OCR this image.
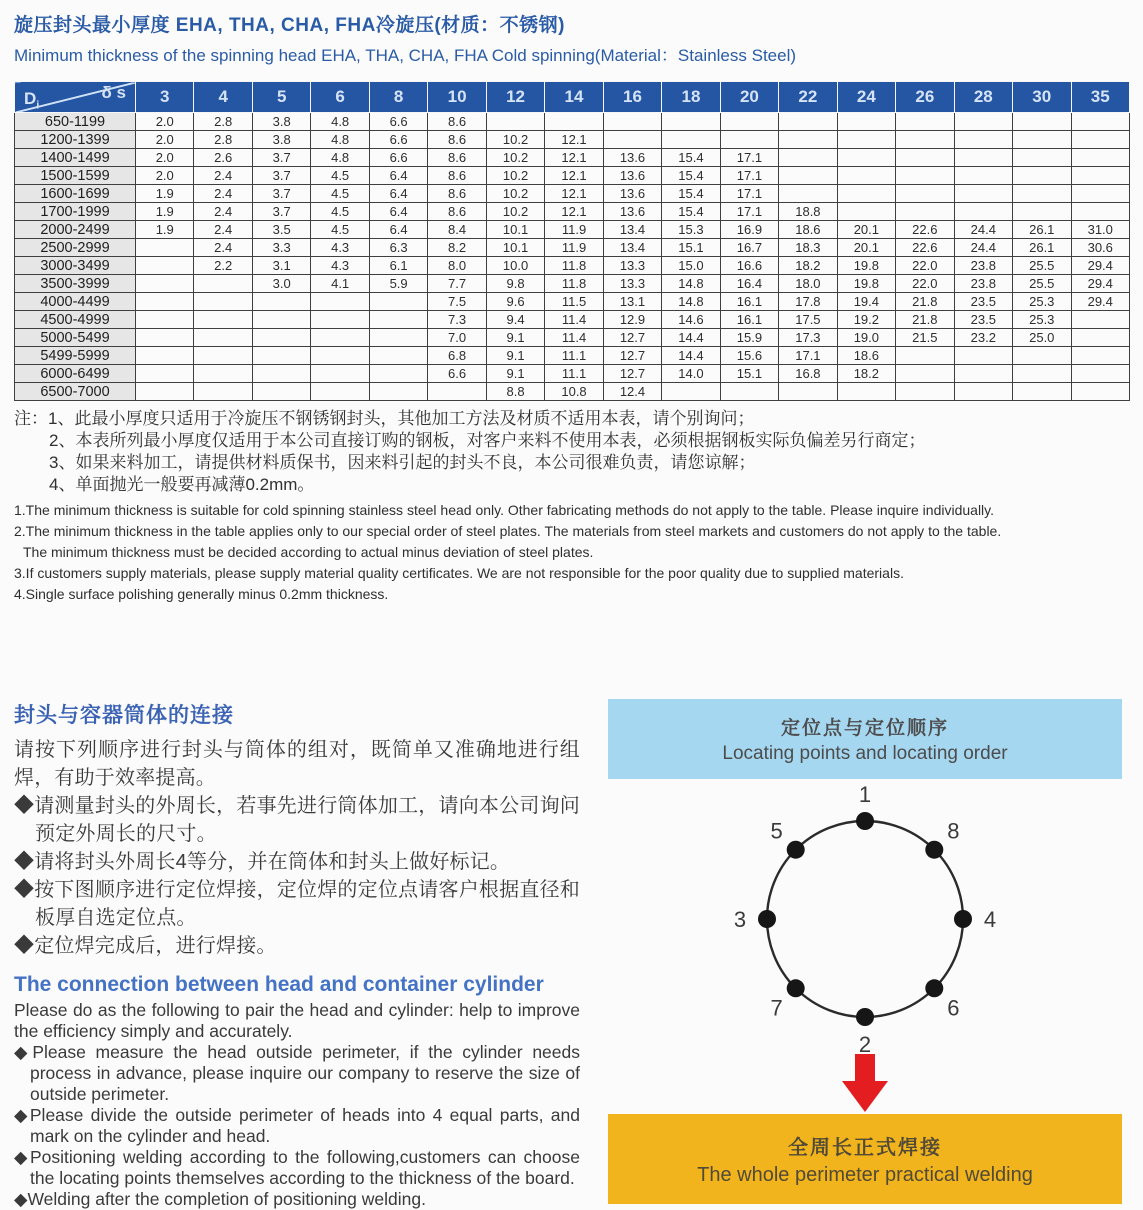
旋压封头最小厚度 EHA, THA, CHA, FHA冷旋压(材质：不锈钢)
Minimum thickness of the spinning head EHA, THA, CHA, FHA Cold spinning(Material：Stainless Steel)
δ s
$D_i$	3	4	5	6	8	10	12	14	16	18	20	22	24	26	28	30	35
650-1199	2.0	2.8	3.8	4.8	6.6	8.6											
1200-1399	2.0	2.8	3.8	4.8	6.6	8.6	10.2	12.1									
1400-1499	2.0	2.6	3.7	4.8	6.6	8.6	10.2	12.1	13.6	15.4	17.1						
1500-1599	2.0	2.4	3.7	4.5	6.4	8.6	10.2	12.1	13.6	15.4	17.1						
1600-1699	1.9	2.4	3.7	4.5	6.4	8.6	10.2	12.1	13.6	15.4	17.1						
1700-1999	1.9	2.4	3.7	4.5	6.4	8.6	10.2	12.1	13.6	15.4	17.1	18.8					
2000-2499	1.9	2.4	3.5	4.5	6.4	8.4	10.1	11.9	13.4	15.3	16.9	18.6	20.1	22.6	24.4	26.1	31.0
2500-2999		2.4	3.3	4.3	6.3	8.2	10.1	11.9	13.4	15.1	16.7	18.3	20.1	22.6	24.4	26.1	30.6
3000-3499		2.2	3.1	4.3	6.1	8.0	10.0	11.8	13.3	15.0	16.6	18.2	19.8	22.0	23.8	25.5	29.4
3500-3999			3.0	4.1	5.9	7.7	9.8	11.8	13.3	14.8	16.4	18.0	19.8	22.0	23.8	25.5	29.4
4000-4499						7.5	9.6	11.5	13.1	14.8	16.1	17.8	19.4	21.8	23.5	25.3	29.4
4500-4999						7.3	9.4	11.4	12.9	14.6	16.1	17.5	19.2	21.8	23.5	25.3	
5000-5499						7.0	9.1	11.4	12.7	14.4	15.9	17.3	19.0	21.5	23.2	25.0	
5499-5999						6.8	9.1	11.1	12.7	14.4	15.6	17.1	18.6				
6000-6499						6.6	9.1	11.1	12.7	14.0	15.1	16.8	18.2				
6500-7000							8.8	10.8	12.4								
注：1、此最小厚度只适用于冷旋压不钢锈钢封头，其他加工方法及材质不适用本表，请个别询问；
2、本表所列最小厚度仅适用于本公司直接订购的钢板，对客户来料不使用本表，必须根据钢板实际负偏差另行商定；
3、如果来料加工，请提供材料质保书，因来料引起的封头不良，本公司很难负责，请您谅解；
4、单面抛光一般要再减薄0.2mm。
1.The minimum thickness is suitable for cold spinning stainless steel head only. Other fabricating methods do not apply to the table. Please inquire individually.
2.The minimum thickness in the table applies only to our special order of steel plates. The materials from steel markets and customers do not apply to the table.
The minimum thickness must be decided according to actual minus deviation of steel plates.
3.If customers supply materials, please supply material quality certificates. We are not responsible for the poor quality due to supplied materials.
4.Single surface polishing generally minus 0.2mm thickness.
封头与容器筒体的连接

请按下列顺序进行封头与筒体的组对，既简单又准确地进行组焊，有助于效率提高。

◆请测量封头的外周长，若事先进行筒体加工，请向本公司询问预定外周长的尺寸。
◆请将封头外周长4等分，并在筒体和封头上做好标记。
◆按下图顺序进行定位焊接，定位焊的定位点请客户根据直径和板厚自选定位点。
◆定位焊完成后，进行焊接。
The connection between head and container cylinder

Please do as the following to pair the head and cylinder: help to improve the efficiency simply and accurately.

◆Please measure the head outside perimeter, if the cylinder needs process in advance, please inquire our company to reserve the size of outside perimeter.
◆Please divide the outside perimeter of heads into 4 equal parts, and mark on the cylinder and head.
◆Positioning welding according to the following,customers can choose the locating points themselves according to the thickness of the board.
◆Welding after the completion of positioning welding.
定位点与定位顺序
Locating points and locating order
1
2
3	4
5
6
7
8
全周长正式焊接
The whole perimeter practical welding
